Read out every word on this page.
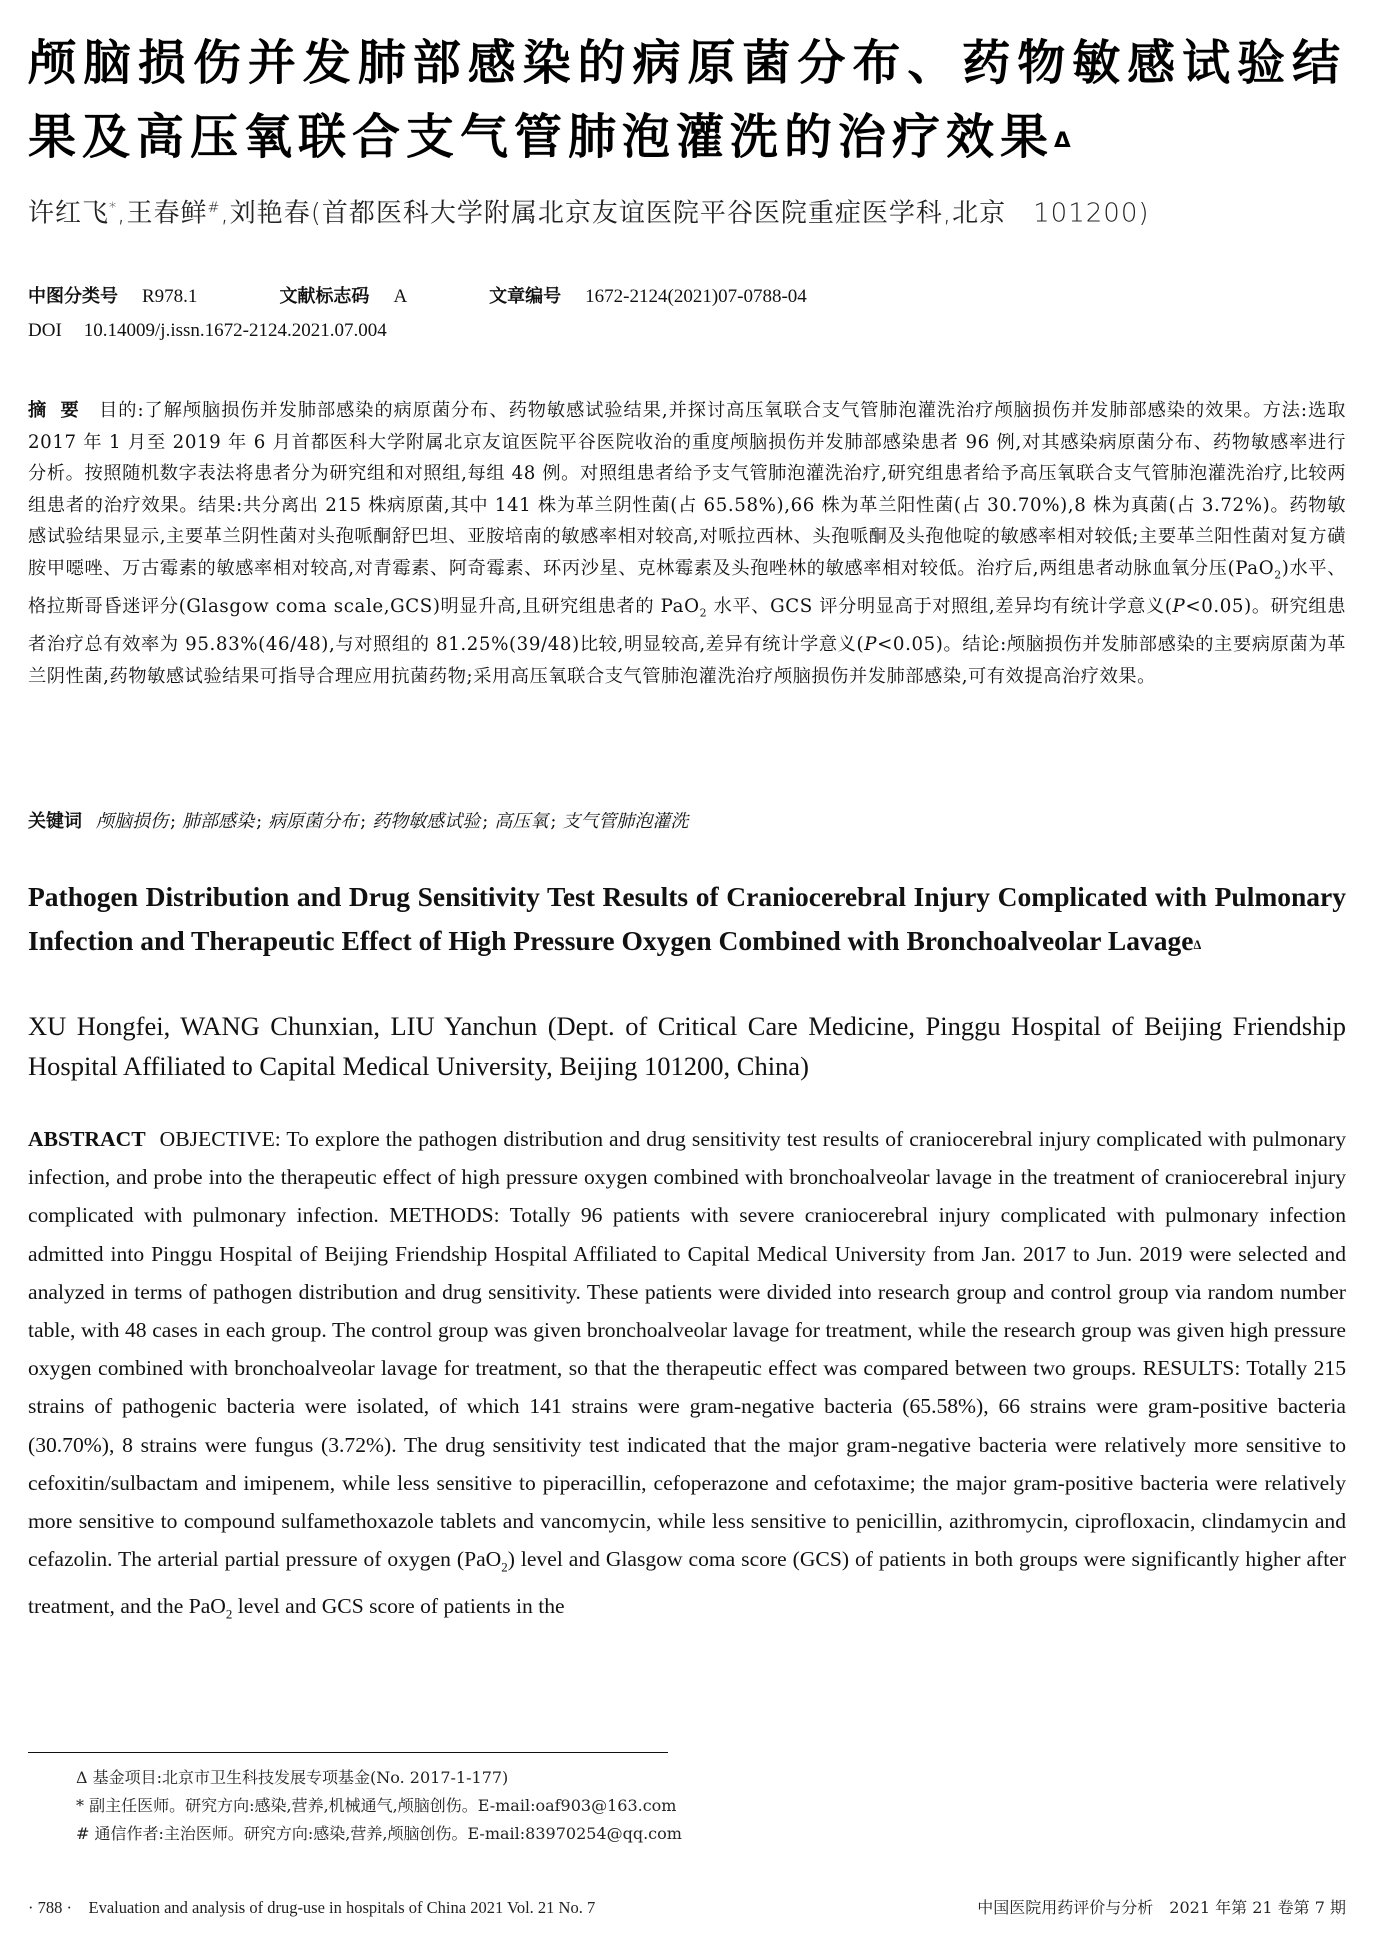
颅脑损伤并发肺部感染的病原菌分布、药物敏感试验结果及高压氧联合支气管肺泡灌洗的治疗效果$^\Delta$
许红飞*,王春鲜#,刘艳春(首都医科大学附属北京友谊医院平谷医院重症医学科,北京　101200)
中图分类号 R978.1	文献标志码 A	文章编号 1672-2124(2021)07-0788-04
DOI 10.14009/j.issn.1672-2124.2021.07.004
摘要 目的:了解颅脑损伤并发肺部感染的病原菌分布、药物敏感试验结果,并探讨高压氧联合支气管肺泡灌洗治疗颅脑损伤并发肺部感染的效果。方法:选取 2017 年 1 月至 2019 年 6 月首都医科大学附属北京友谊医院平谷医院收治的重度颅脑损伤并发肺部感染患者 96 例,对其感染病原菌分布、药物敏感率进行分析。按照随机数字表法将患者分为研究组和对照组,每组 48 例。对照组患者给予支气管肺泡灌洗治疗,研究组患者给予高压氧联合支气管肺泡灌洗治疗,比较两组患者的治疗效果。结果:共分离出 215 株病原菌,其中 141 株为革兰阴性菌(占 65.58%),66 株为革兰阳性菌(占 30.70%),8 株为真菌(占 3.72%)。药物敏感试验结果显示,主要革兰阴性菌对头孢哌酮舒巴坦、亚胺培南的敏感率相对较高,对哌拉西林、头孢哌酮及头孢他啶的敏感率相对较低;主要革兰阳性菌对复方磺胺甲噁唑、万古霉素的敏感率相对较高,对青霉素、阿奇霉素、环丙沙星、克林霉素及头孢唑林的敏感率相对较低。治疗后,两组患者动脉血氧分压(PaO$_2$)水平、格拉斯哥昏迷评分(Glasgow coma scale,GCS)明显升高,且研究组患者的 PaO$_2$ 水平、GCS 评分明显高于对照组,差异均有统计学意义(P<0.05)。研究组患者治疗总有效率为 95.83%(46/48),与对照组的 81.25%(39/48)比较,明显较高,差异有统计学意义(P<0.05)。结论:颅脑损伤并发肺部感染的主要病原菌为革兰阴性菌,药物敏感试验结果可指导合理应用抗菌药物;采用高压氧联合支气管肺泡灌洗治疗颅脑损伤并发肺部感染,可有效提高治疗效果。
关键词 颅脑损伤 ; 肺部感染 ; 病原菌分布 ; 药物敏感试验 ; 高压氧 ; 支气管肺泡灌洗
Pathogen Distribution and Drug Sensitivity Test Results of Craniocerebral Injury Complicated with Pulmonary Infection and Therapeutic Effect of High Pressure Oxygen Combined with Bronchoalveolar Lavage$^\Delta$
XU Hongfei, WANG Chunxian, LIU Yanchun (Dept. of Critical Care Medicine, Pinggu Hospital of Beijing Friendship Hospital Affiliated to Capital Medical University, Beijing 101200, China)
ABSTRACT OBJECTIVE: To explore the pathogen distribution and drug sensitivity test results of craniocerebral injury complicated with pulmonary infection, and probe into the therapeutic effect of high pressure oxygen combined with bronchoalveolar lavage in the treatment of craniocerebral injury complicated with pulmonary infection. METHODS: Totally 96 patients with severe craniocerebral injury complicated with pulmonary infection admitted into Pinggu Hospital of Beijing Friendship Hospital Affiliated to Capital Medical University from Jan. 2017 to Jun. 2019 were selected and analyzed in terms of pathogen distribution and drug sensitivity. These patients were divided into research group and control group via random number table, with 48 cases in each group. The control group was given bronchoalveolar lavage for treatment, while the research group was given high pressure oxygen combined with bronchoalveolar lavage for treatment, so that the therapeutic effect was compared between two groups. RESULTS: Totally 215 strains of pathogenic bacteria were isolated, of which 141 strains were gram-negative bacteria (65.58%), 66 strains were gram-positive bacteria (30.70%), 8 strains were fungus (3.72%). The drug sensitivity test indicated that the major gram-negative bacteria were relatively more sensitive to cefoxitin/sulbactam and imipenem, while less sensitive to piperacillin, cefoperazone and cefotaxime; the major gram-positive bacteria were relatively more sensitive to compound sulfamethoxazole tablets and vancomycin, while less sensitive to penicillin, azithromycin, ciprofloxacin, clindamycin and cefazolin. The arterial partial pressure of oxygen (PaO$_2$) level and Glasgow coma score (GCS) of patients in both groups were significantly higher after treatment, and the PaO$_2$ level and GCS score of patients in the
Δ 基金项目:北京市卫生科技发展专项基金(No. 2017-1-177)
* 副主任医师。研究方向:感染,营养,机械通气,颅脑创伤。E-mail:oaf903@163.com
# 通信作者:主治医师。研究方向:感染,营养,颅脑创伤。E-mail:83970254@qq.com
· 788 ·　Evaluation and analysis of drug-use in hospitals of China 2021 Vol. 21 No. 7	中国医院用药评价与分析　2021 年第 21 卷第 7 期
